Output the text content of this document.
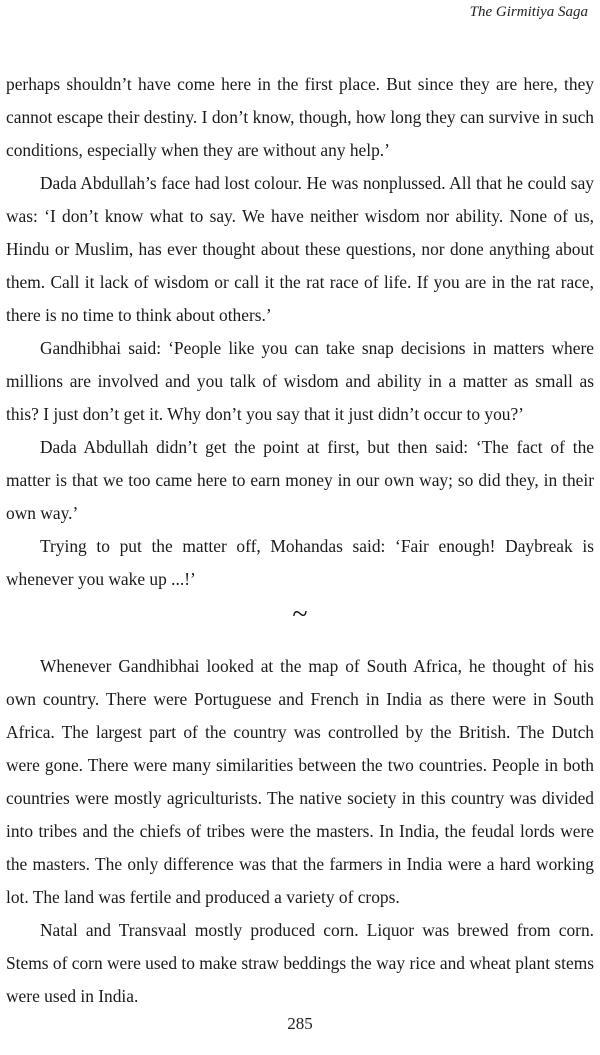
The Girmitiya Saga

perhaps shouldn’t have come here in the first place. But since they are here, they cannot escape their destiny. I don’t know, though, how long they can survive in such conditions, especially when they are without any help.’

Dada Abdullah’s face had lost colour. He was nonplussed. All that he could say was: ‘I don’t know what to say. We have neither wisdom nor ability. None of us, Hindu or Muslim, has ever thought about these questions, nor done anything about them. Call it lack of wisdom or call it the rat race of life. If you are in the rat race, there is no time to think about others.’

Gandhibhai said: ‘People like you can take snap decisions in matters where millions are involved and you talk of wisdom and ability in a matter as small as this? I just don’t get it. Why don’t you say that it just didn’t occur to you?’

Dada Abdullah didn’t get the point at first, but then said: ‘The fact of the matter is that we too came here to earn money in our own way; so did they, in their own way.’

Trying to put the matter off, Mohandas said: ‘Fair enough! Daybreak is whenever you wake up ...!’

~

Whenever Gandhibhai looked at the map of South Africa, he thought of his own country. There were Portuguese and French in India as there were in South Africa. The largest part of the country was controlled by the British. The Dutch were gone. There were many similarities between the two countries. People in both countries were mostly agriculturists. The native society in this country was divided into tribes and the chiefs of tribes were the masters. In India, the feudal lords were the masters. The only difference was that the farmers in India were a hard working lot. The land was fertile and produced a variety of crops.

Natal and Transvaal mostly produced corn. Liquor was brewed from corn. Stems of corn were used to make straw beddings the way rice and wheat plant stems were used in India.

285
